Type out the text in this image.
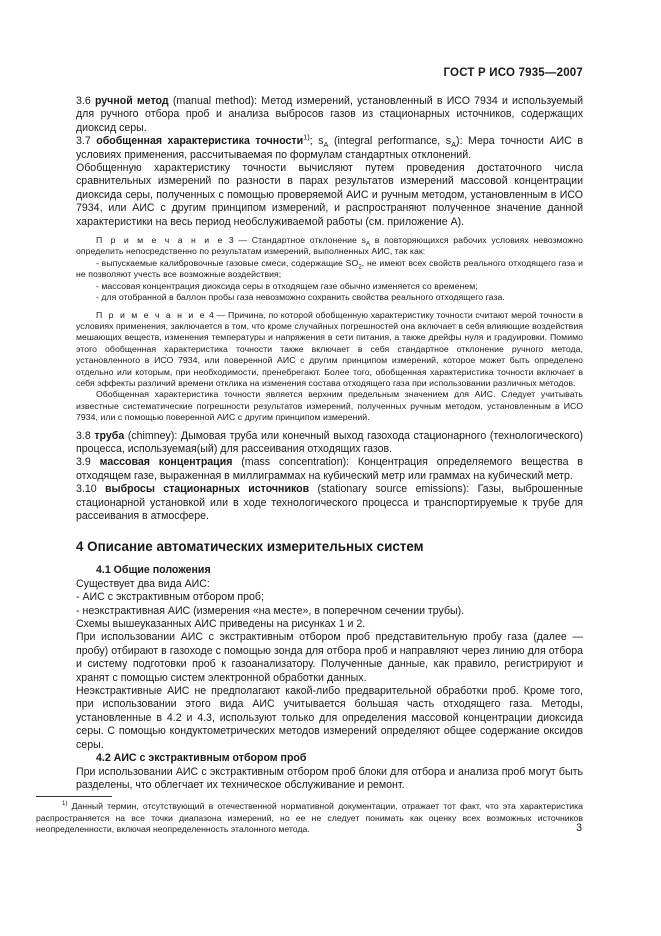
ГОСТ Р ИСО 7935—2007

3.6 ручной метод (manual method): Метод измерений, установленный в ИСО 7934 и используемый для ручного отбора проб и анализа выбросов газов из стационарных источников, содержащих диоксид серы.

3.7 обобщенная характеристика точности$^{1)}$; $s_A$ (integral performance, $s_A$): Мера точности АИС в условиях применения, рассчитываемая по формулам стандартных отклонений.

Обобщенную характеристику точности вычисляют путем проведения достаточного числа сравнительных измерений по разности в парах результатов измерений массовой концентрации диоксида серы, полученных с помощью проверяемой АИС и ручным методом, установленным в ИСО 7934, или АИС с другим принципом измерений, и распространяют полученное значение данной характеристики на весь период необслуживаемой работы (см. приложение А).

П р и м е ч а н и е 3 — Стандартное отклонение $s_A$ в повторяющихся рабочих условиях невозможно определить непосредственно по результатам измерений, выполненных АИС, так как:

- выпускаемые калибровочные газовые смеси, содержащие $SO_2$, не имеют всех свойств реального отходящего газа и не позволяют учесть все возможные воздействия;

- массовая концентрация диоксида серы в отходящем газе обычно изменяется со временем;

- для отобранной в баллон пробы газа невозможно сохранить свойства реального отходящего газа.

П р и м е ч а н и е 4 — Причина, по которой обобщенную характеристику точности считают мерой точности в условиях применения, заключается в том, что кроме случайных погрешностей она включает в себя влияющие воздействия мешающих веществ, изменения температуры и напряжения в сети питания, а также дрейфы нуля и градуировки. Помимо этого обобщенная характеристика точности также включает в себя стандартное отклонение ручного метода, установленного в ИСО 7934, или поверенной АИС с другим принципом измерений, которое может быть определено отдельно или которым, при необходимости, пренебрегают. Более того, обобщенная характеристика точности включает в себя эффекты различий времени отклика на изменения состава отходящего газа при использовании различных методов.

Обобщенная характеристика точности является верхним предельным значением для АИС. Следует учитывать известные систематические погрешности результатов измерений, полученных ручным методом, установленным в ИСО 7934, или с помощью поверенной АИС с другим принципом измерений.

3.8 труба (chimney): Дымовая труба или конечный выход газохода стационарного (технологического) процесса, используемая(ый) для рассеивания отходящих газов.

3.9 массовая концентрация (mass concentration): Концентрация определяемого вещества в отходящем газе, выраженная в миллиграммах на кубический метр или граммах на кубический метр.

3.10 выбросы стационарных источников (stationary source emissions): Газы, выброшенные стационарной установкой или в ходе технологического процесса и транспортируемые к трубе для рассеивания в атмосфере.

4 Описание автоматических измерительных систем

4.1 Общие положения

Существует два вида АИС:

- АИС с экстрактивным отбором проб;

- неэкстрактивная АИС (измерения «на месте», в поперечном сечении трубы).

Схемы вышеуказанных АИС приведены на рисунках 1 и 2.

При использовании АИС с экстрактивным отбором проб представительную пробу газа (далее — пробу) отбирают в газоходе с помощью зонда для отбора проб и направляют через линию для отбора и систему подготовки проб к газоанализатору. Полученные данные, как правило, регистрируют и хранят с помощью систем электронной обработки данных.

Неэкстрактивные АИС не предполагают какой-либо предварительной обработки проб. Кроме того, при использовании этого вида АИС учитывается большая часть отходящего газа. Методы, установленные в 4.2 и 4.3, используют только для определения массовой концентрации диоксида серы. С помощью кондуктометрических методов измерений определяют общее содержание оксидов серы.

4.2 АИС с экстрактивным отбором проб

При использовании АИС с экстрактивным отбором проб блоки для отбора и анализа проб могут быть разделены, что облегчает их техническое обслуживание и ремонт.

$^{1)}$ Данный термин, отсутствующий в отечественной нормативной документации, отражает тот факт, что эта характеристика распространяется на все точки диапазона измерений, но ее не следует понимать как оценку всех возможных источников неопределенности, включая неопределенность эталонного метода.	3
